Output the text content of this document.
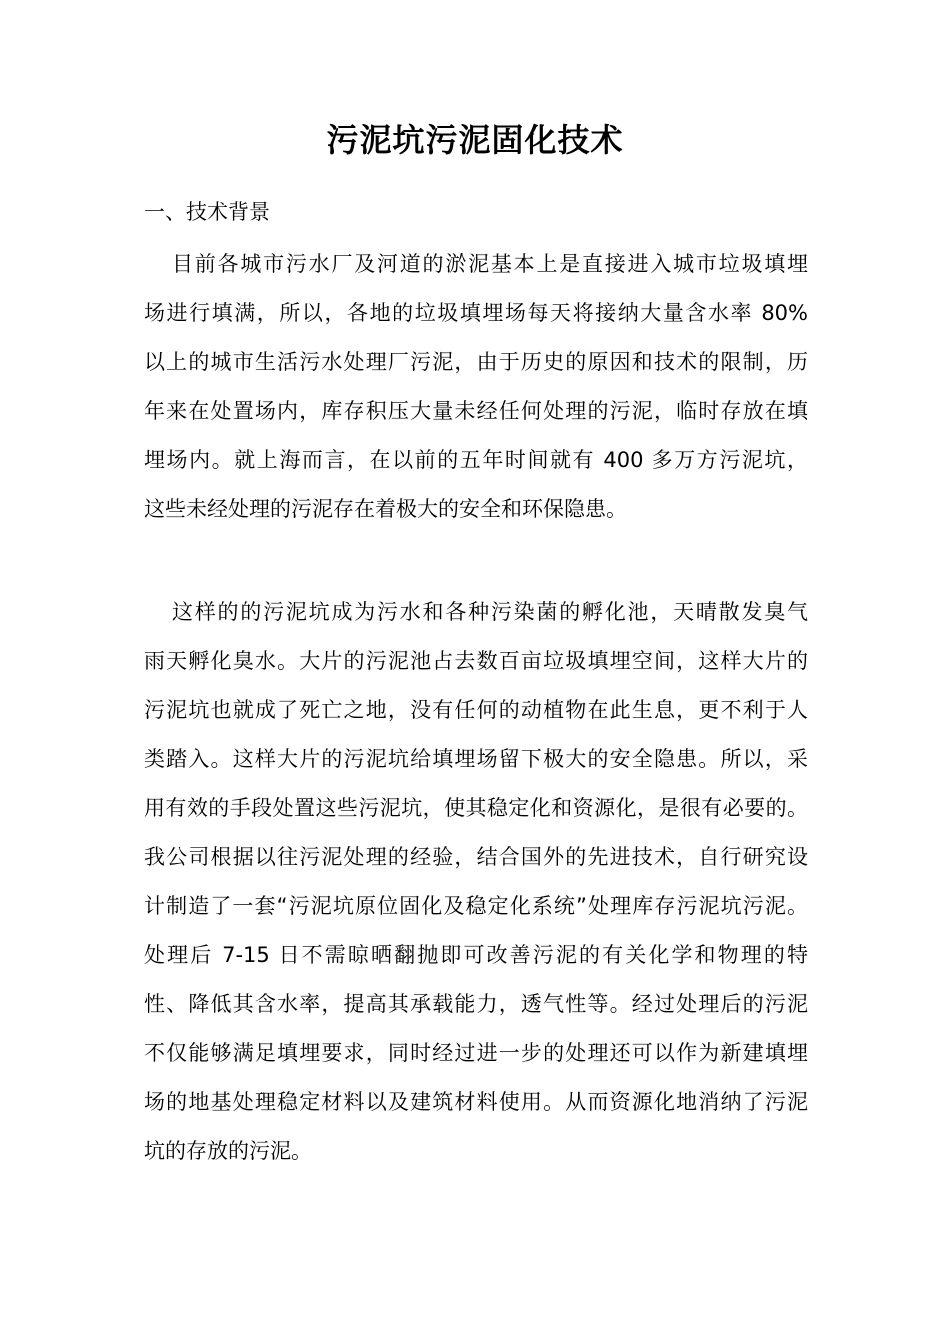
污泥坑污泥固化技术
一、技术背景
目前各城市污水厂及河道的淤泥基本上是直接进入城市垃圾填埋
场进行填满，所以，各地的垃圾填埋场每天将接纳大量含水率 80%
以上的城市生活污水处理厂污泥，由于历史的原因和技术的限制，历
年来在处置场内，库存积压大量未经任何处理的污泥，临时存放在填
埋场内。就上海而言，在以前的五年时间就有 400 多万方污泥坑，
这些未经处理的污泥存在着极大的安全和环保隐患。
这样的的污泥坑成为污水和各种污染菌的孵化池，天晴散发臭气
雨天孵化臭水。大片的污泥池占去数百亩垃圾填埋空间，这样大片的
污泥坑也就成了死亡之地，没有任何的动植物在此生息，更不利于人
类踏入。这样大片的污泥坑给填埋场留下极大的安全隐患。所以，采
用有效的手段处置这些污泥坑，使其稳定化和资源化，是很有必要的。
我公司根据以往污泥处理的经验，结合国外的先进技术，自行研究设
计制造了一套“污泥坑原位固化及稳定化系统”处理库存污泥坑污泥。
处理后 7-15 日不需晾晒翻抛即可改善污泥的有关化学和物理的特
性、降低其含水率，提高其承载能力，透气性等。经过处理后的污泥
不仅能够满足填埋要求，同时经过进一步的处理还可以作为新建填埋
场的地基处理稳定材料以及建筑材料使用。从而资源化地消纳了污泥
坑的存放的污泥。
